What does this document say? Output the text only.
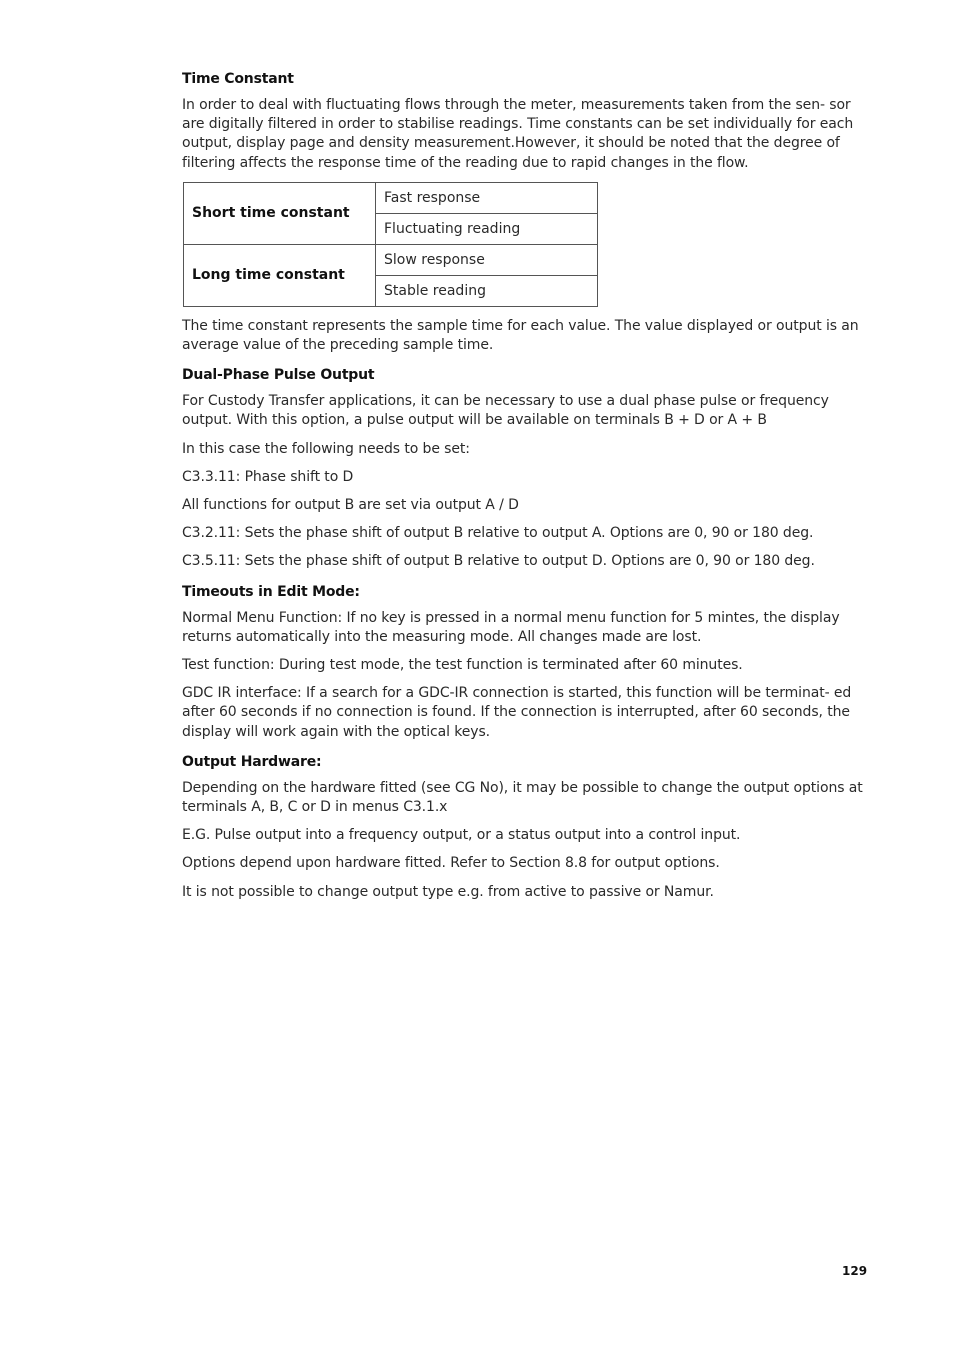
Time Constant

In order to deal with fluctuating flows through the meter, measurements taken from the sen- sor are digitally filtered in order to stabilise readings. Time constants can be set individually for each output, display page and density measurement.However, it should be noted that the degree of filtering affects the response time of the reading due to rapid changes in the flow.

Short time constant	Fast response
	Fluctuating reading
Long time constant	Slow response
	Stable reading

The time constant represents the sample time for each value. The value displayed or output is an average value of the preceding sample time.

Dual-Phase Pulse Output

For Custody Transfer applications, it can be necessary to use a dual phase pulse or frequency output. With this option, a pulse output will be available on terminals B + D or A + B

In this case the following needs to be set:

C3.3.11: Phase shift to D

All functions for output B are set via output A / D

C3.2.11: Sets the phase shift of output B relative to output A. Options are 0, 90 or 180 deg.

C3.5.11: Sets the phase shift of output B relative to output D. Options are 0, 90 or 180 deg.

Timeouts in Edit Mode:

Normal Menu Function: If no key is pressed in a normal menu function for 5 mintes, the display returns automatically into the measuring mode. All changes made are lost.

Test function: During test mode, the test function is terminated after 60 minutes.

GDC IR interface: If a search for a GDC-IR connection is started, this function will be terminat- ed after 60 seconds if no connection is found. If the connection is interrupted, after 60 seconds, the display will work again with the optical keys.

Output Hardware:

Depending on the hardware fitted (see CG No), it may be possible to change the output options at terminals A, B, C or D in menus C3.1.x

E.G. Pulse output into a frequency output, or a status output into a control input.

Options depend upon hardware fitted. Refer to Section 8.8 for output options.

It is not possible to change output type e.g. from active to passive or Namur.

129
